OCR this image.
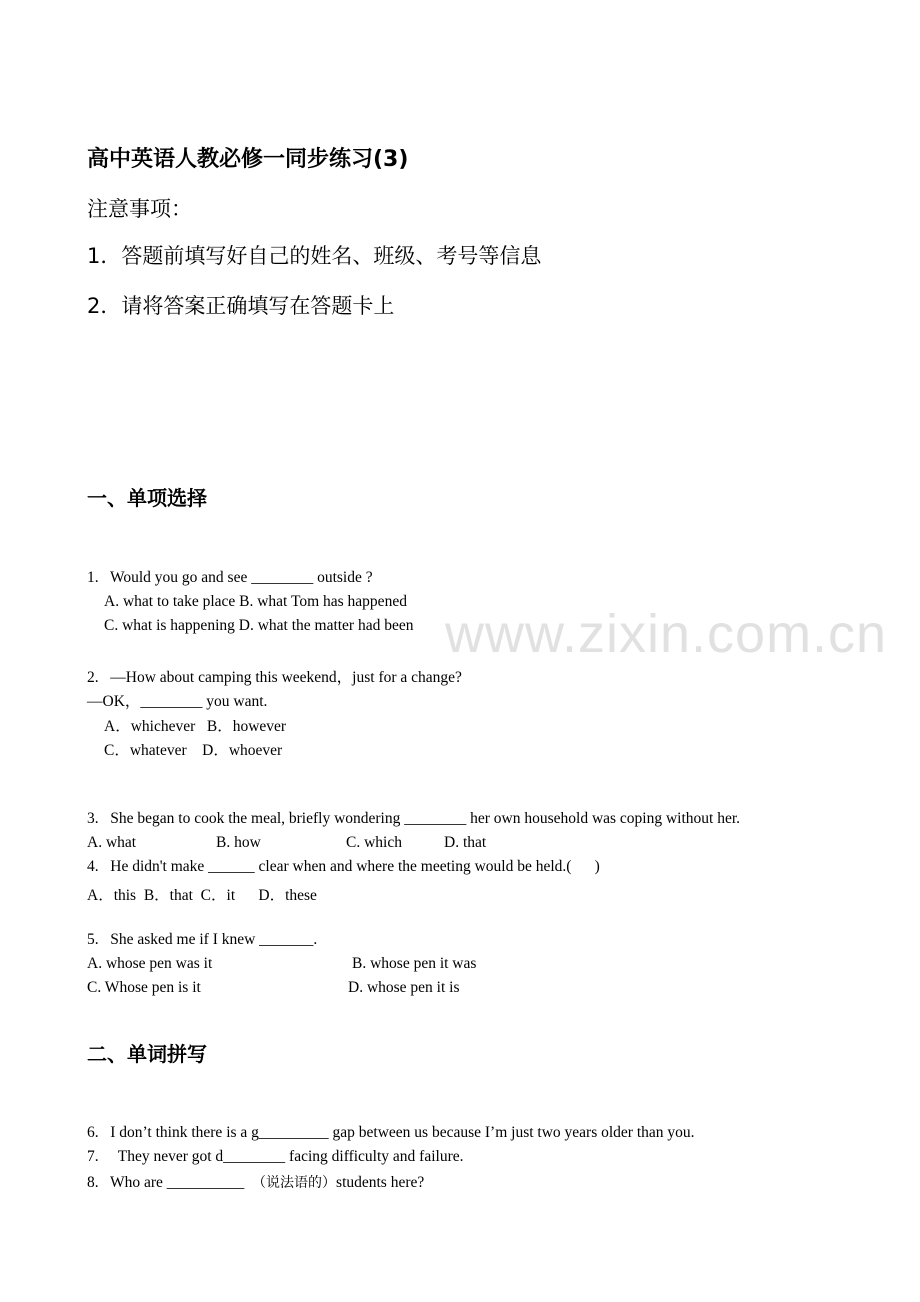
www.zixin.com.cn
高中英语人教必修一同步练习(3)
注意事项：
1．答题前填写好自己的姓名、班级、考号等信息
2．请将答案正确填写在答题卡上
一、单项选择
1.   Would you go and see ________ outside ?
A. what to take place B. what Tom has happened
C. what is happening D. what the matter had been
2.   —How about camping this weekend，just for a change?
—OK，________ you want.
A．whichever   B．however
C．whatever    D．whoever
3.   She began to cook the meal, briefly wondering ________ her own household was coping without her.
A. what	B. how	C. which	D. that
4.   He didn't make ______ clear when and where the meeting would be held.(      )
A．this  B．that  C．it      D．these
5.   She asked me if I knew _______.
A. whose pen was it	B. whose pen it was
C. Whose pen is it	D. whose pen it is
二、单词拼写
6.   I don’t think there is a g_________ gap between us because I’m just two years older than you.
7.     They never got d________ facing difficulty and failure.
8.   Who are __________  （说法语的）students here?
